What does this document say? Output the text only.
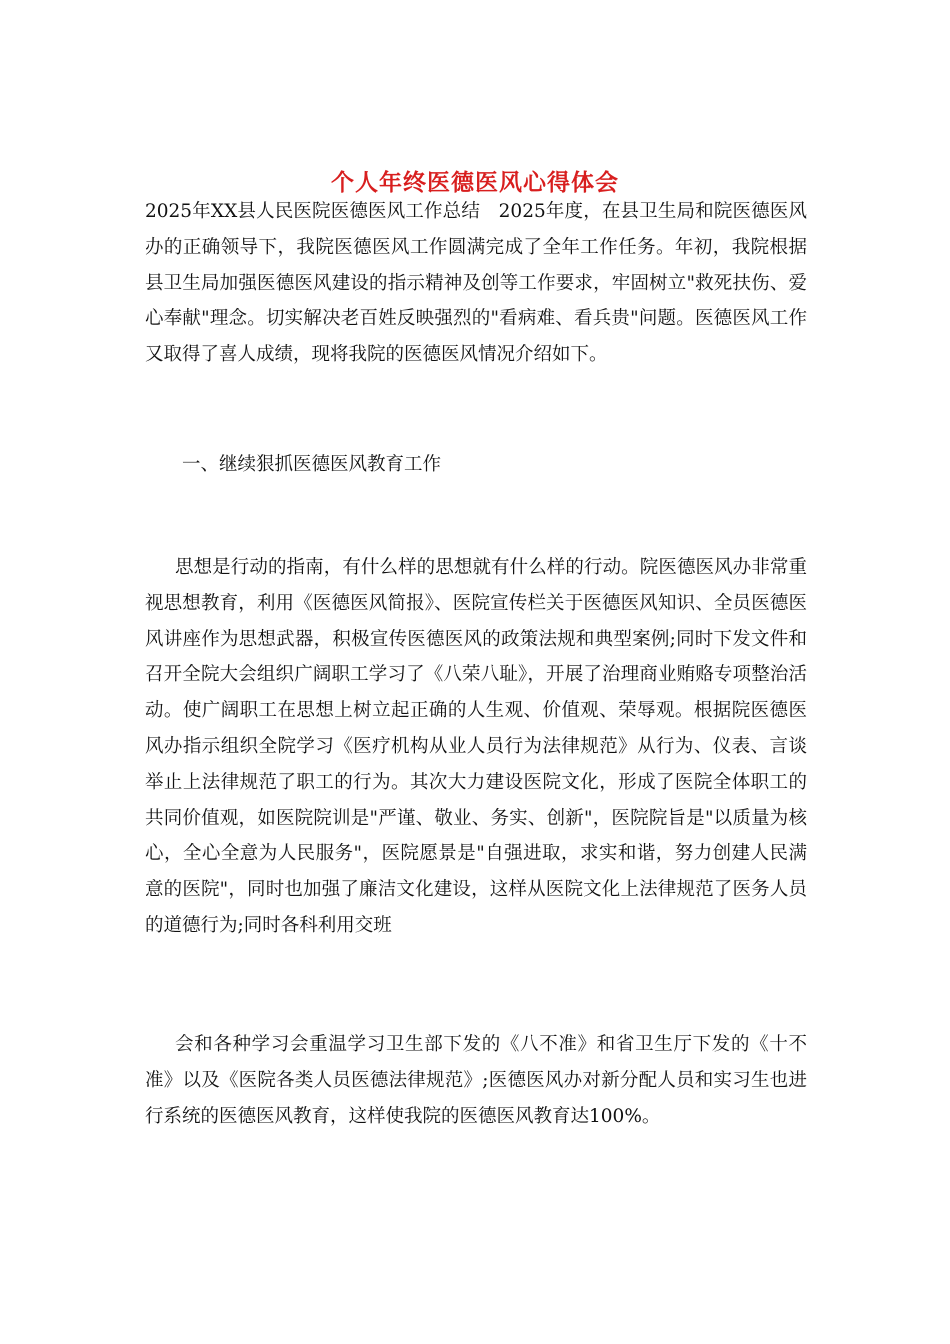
个人年终医德医风心得体会

2025年XX县人民医院医德医风工作总结　2025年度，在县卫生局和院医德医风办的正确领导下，我院医德医风工作圆满完成了全年工作任务。年初，我院根据县卫生局加强医德医风建设的指示精神及创等工作要求，牢固树立"救死扶伤、爱心奉献"理念。切实解决老百姓反映强烈的"看病难、看兵贵"问题。医德医风工作又取得了喜人成绩，现将我院的医德医风情况介绍如下。

一、继续狠抓医德医风教育工作

思想是行动的指南，有什么样的思想就有什么样的行动。院医德医风办非常重视思想教育，利用《医德医风简报》、医院宣传栏关于医德医风知识、全员医德医风讲座作为思想武器，积极宣传医德医风的政策法规和典型案例;同时下发文件和召开全院大会组织广阔职工学习了《八荣八耻》，开展了治理商业贿赂专项整治活动。使广阔职工在思想上树立起正确的人生观、价值观、荣辱观。根据院医德医风办指示组织全院学习《医疗机构从业人员行为法律规范》从行为、仪表、言谈举止上法律规范了职工的行为。其次大力建设医院文化，形成了医院全体职工的共同价值观，如医院院训是"严谨、敬业、务实、创新"，医院院旨是"以质量为核心，全心全意为人民服务"，医院愿景是"自强进取，求实和谐，努力创建人民满意的医院"，同时也加强了廉洁文化建设，这样从医院文化上法律规范了医务人员的道德行为;同时各科利用交班

会和各种学习会重温学习卫生部下发的《八不准》和省卫生厅下发的《十不准》以及《医院各类人员医德法律规范》;医德医风办对新分配人员和实习生也进行系统的医德医风教育，这样使我院的医德医风教育达100%。
